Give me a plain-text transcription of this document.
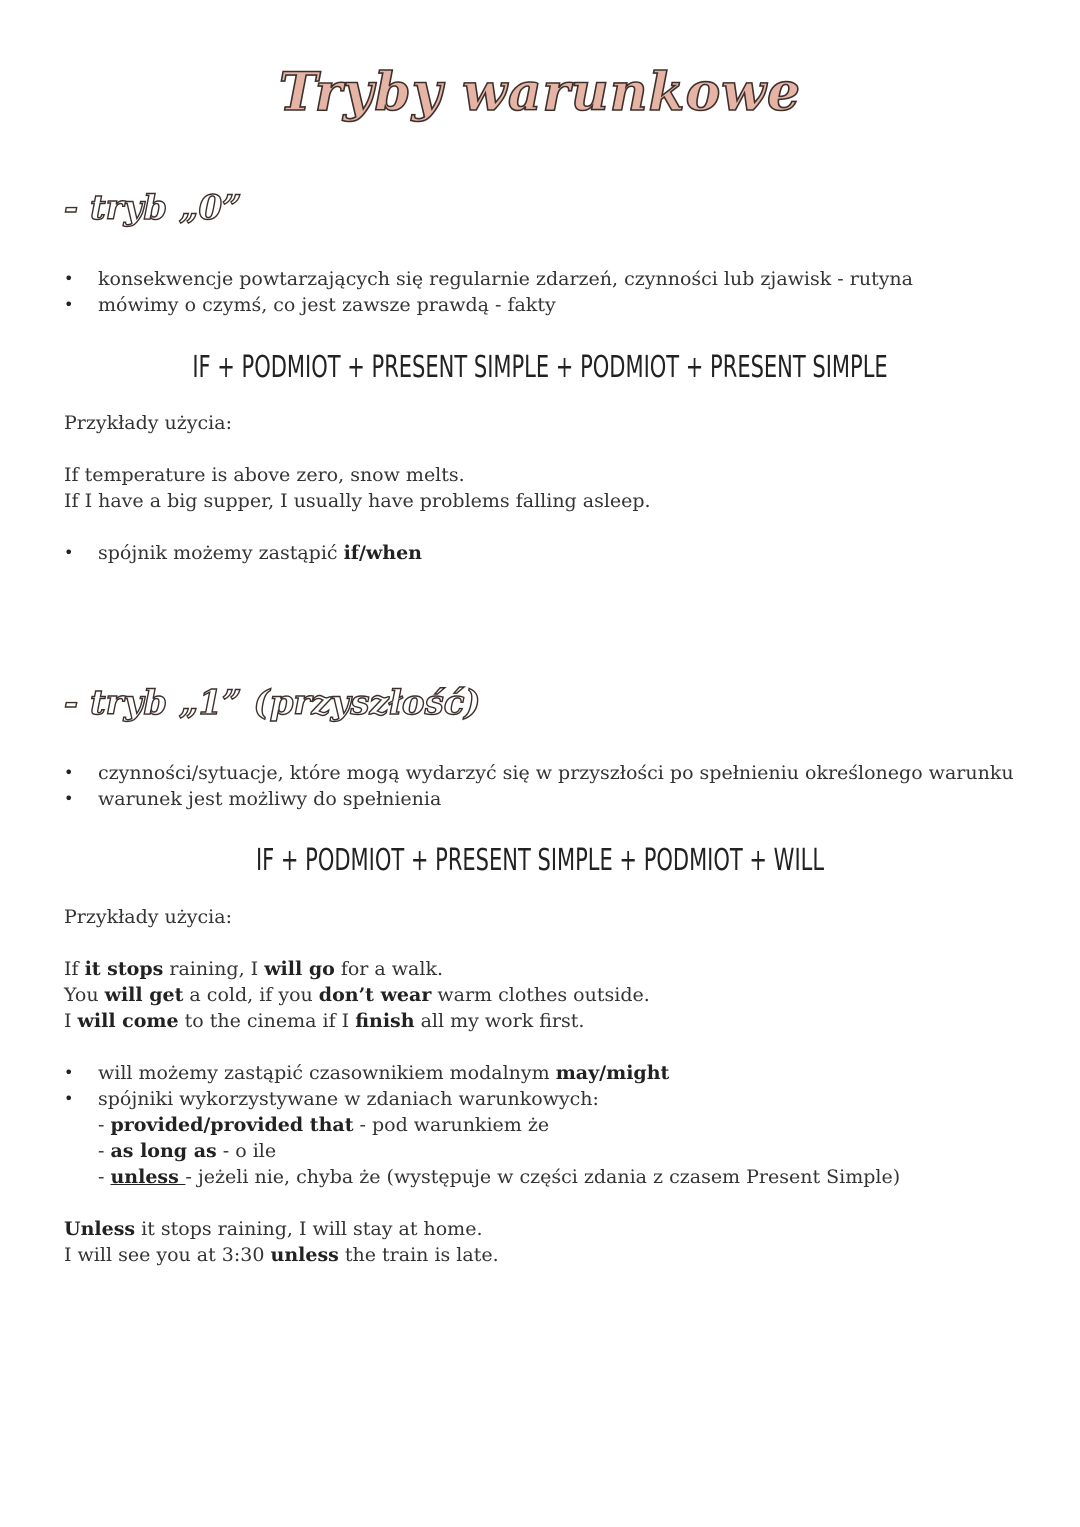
Tryby warunkowe
- tryb „0”
• konsekwencje powtarzających się regularnie zdarzeń, czynności lub zjawisk - rutyna
• mówimy o czymś, co jest zawsze prawdą - fakty
IF + PODMIOT + PRESENT SIMPLE + PODMIOT + PRESENT SIMPLE

Przykłady użycia:

If temperature is above zero, snow melts.

If I have a big supper, I usually have problems falling asleep.

• spójnik możemy zastąpić if/when
- tryb „1” (przyszłość)
• czynności/sytuacje, które mogą wydarzyć się w przyszłości po spełnieniu określonego warunku
• warunek jest możliwy do spełnienia
IF + PODMIOT + PRESENT SIMPLE + PODMIOT + WILL

Przykłady użycia:

If it stops raining, I will go for a walk.

You will get a cold, if you don’t wear warm clothes outside.

I will come to the cinema if I finish all my work first.

• will możemy zastąpić czasownikiem modalnym may/might
• spójniki wykorzystywane w zdaniach warunkowych:

- provided/provided that - pod warunkiem że

- as long as - o ile

- unless - jeżeli nie, chyba że (występuje w części zdania z czasem Present Simple)

Unless it stops raining, I will stay at home.

I will see you at 3:30 unless the train is late.
